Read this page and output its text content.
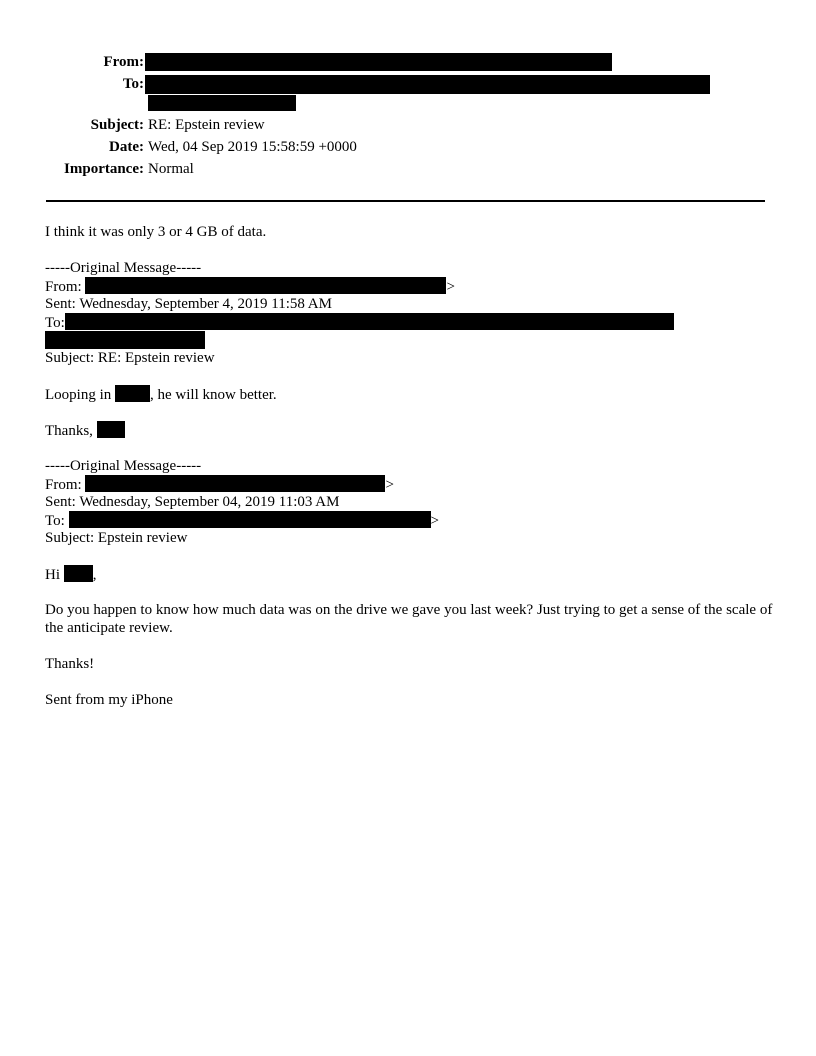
From:
To:
Subject: RE: Epstein review
Date: Wed, 04 Sep 2019 15:58:59 +0000
Importance: Normal
I think it was only 3 or 4 GB of data.
-----Original Message-----
From:	>
Sent: Wednesday, September 4, 2019 11:58 AM
To:
Subject: RE: Epstein review
Looping in , he will know better.
Thanks,
-----Original Message-----
From:	>
Sent: Wednesday, September 04, 2019 11:03 AM
To:	>
Subject: Epstein review
Hi ,
Do you happen to know how much data was on the drive we gave you last week? Just trying to get a sense of the scale of the anticipate review.
Thanks!
Sent from my iPhone
